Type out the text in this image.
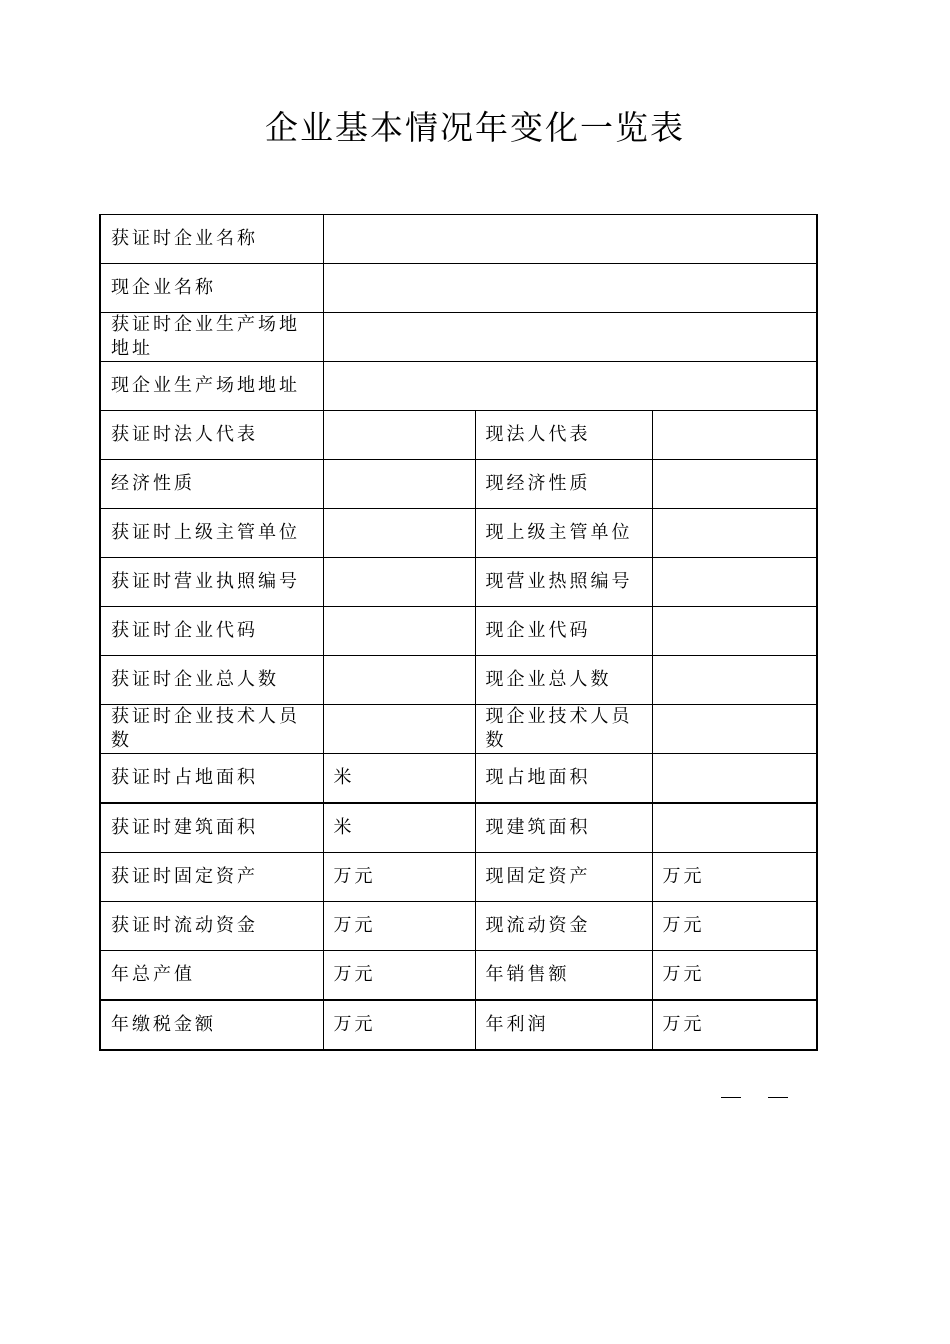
企业基本情况年变化一览表
获证时企业名称			
现企业名称			
获证时企业生产场地地址			
现企业生产场地地址			
获证时法人代表		现法人代表	
经济性质		现经济性质	
获证时上级主管单位		现上级主管单位	
获证时营业执照编号		现营业热照编号	
获证时企业代码		现企业代码	
获证时企业总人数		现企业总人数	
获证时企业技术人员数		现企业技术人员数	
获证时占地面积	米	现占地面积	
获证时建筑面积	米	现建筑面积	
获证时固定资产	万元	现固定资产	万元
获证时流动资金	万元	现流动资金	万元
年总产值	万元	年销售额	万元
年缴税金额	万元	年利润	万元
